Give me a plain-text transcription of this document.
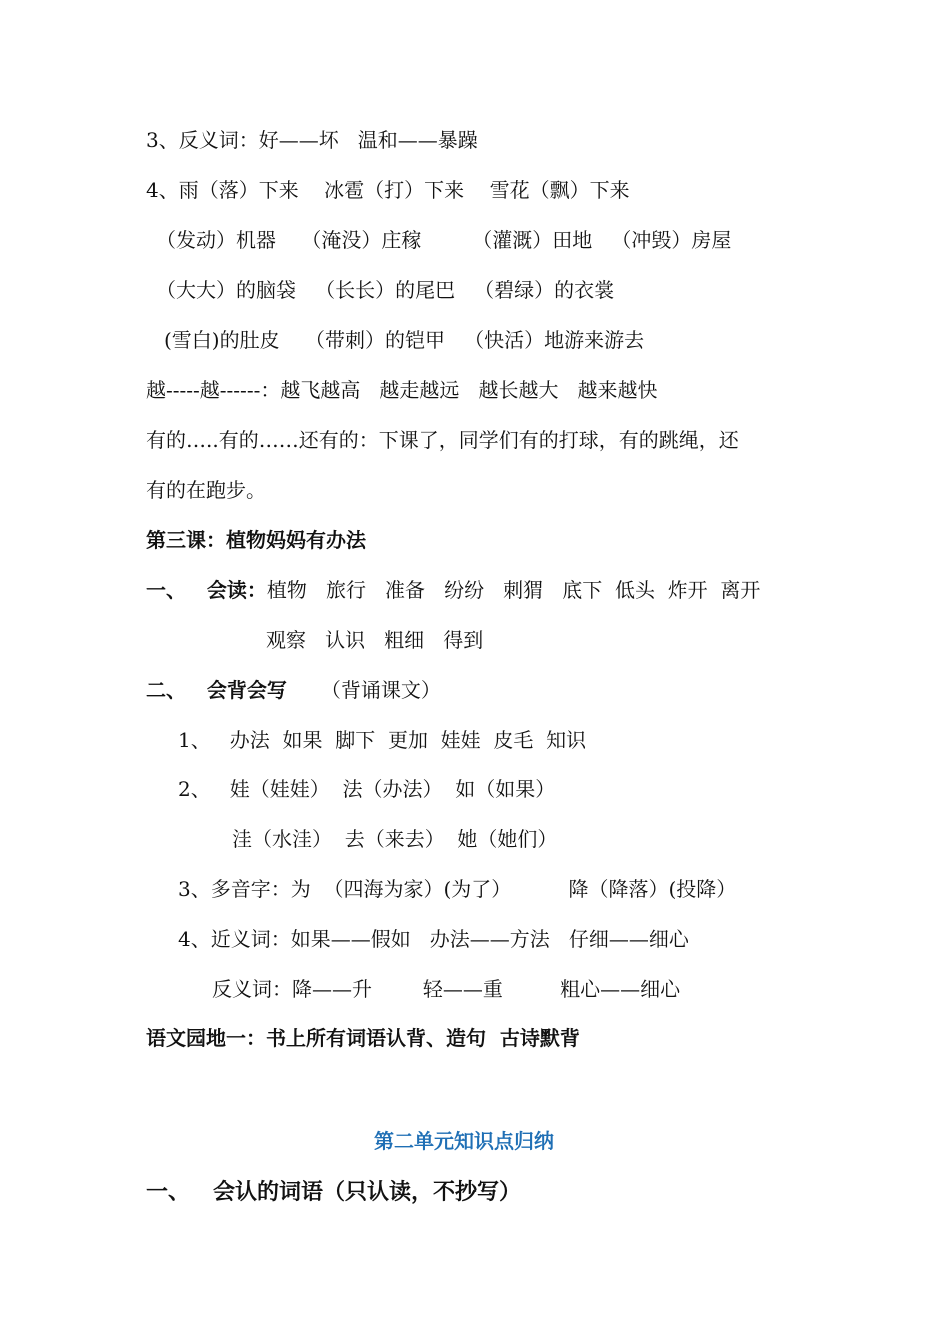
3、反义词：好——坏   温和——暴躁
4、雨（落）下来    冰雹（打）下来    雪花（飘）下来
（发动）机器    （淹没）庄稼        （灌溉）田地   （冲毁）房屋
（大大）的脑袋   （长长）的尾巴   （碧绿）的衣裳
(雪白)的肚皮    （带刺）的铠甲   （快活）地游来游去
越-----越------：越飞越高   越走越远   越长越大   越来越快
有的…..有的……还有的：下课了，同学们有的打球，有的跳绳，还
有的在跑步。
第三课：植物妈妈有办法
一、   会读：植物   旅行   准备   纷纷   刺猬   底下  低头  炸开  离开
观察   认识   粗细   得到
二、   会背会写 （背诵课文）
1、   办法  如果  脚下  更加  娃娃  皮毛  知识
2、   娃（娃娃）  法（办法）  如（如果）
洼（水洼）  去（来去）  她（她们）
3、多音字：为  （四海为家）(为了）         降（降落）(投降）
4、近义词：如果——假如   办法——方法   仔细——细心
反义词：降——升        轻——重         粗心——细心
语文园地一：书上所有词语认背、造句  古诗默背
第二单元知识点归纳
一、   会认的词语（只认读，不抄写）
